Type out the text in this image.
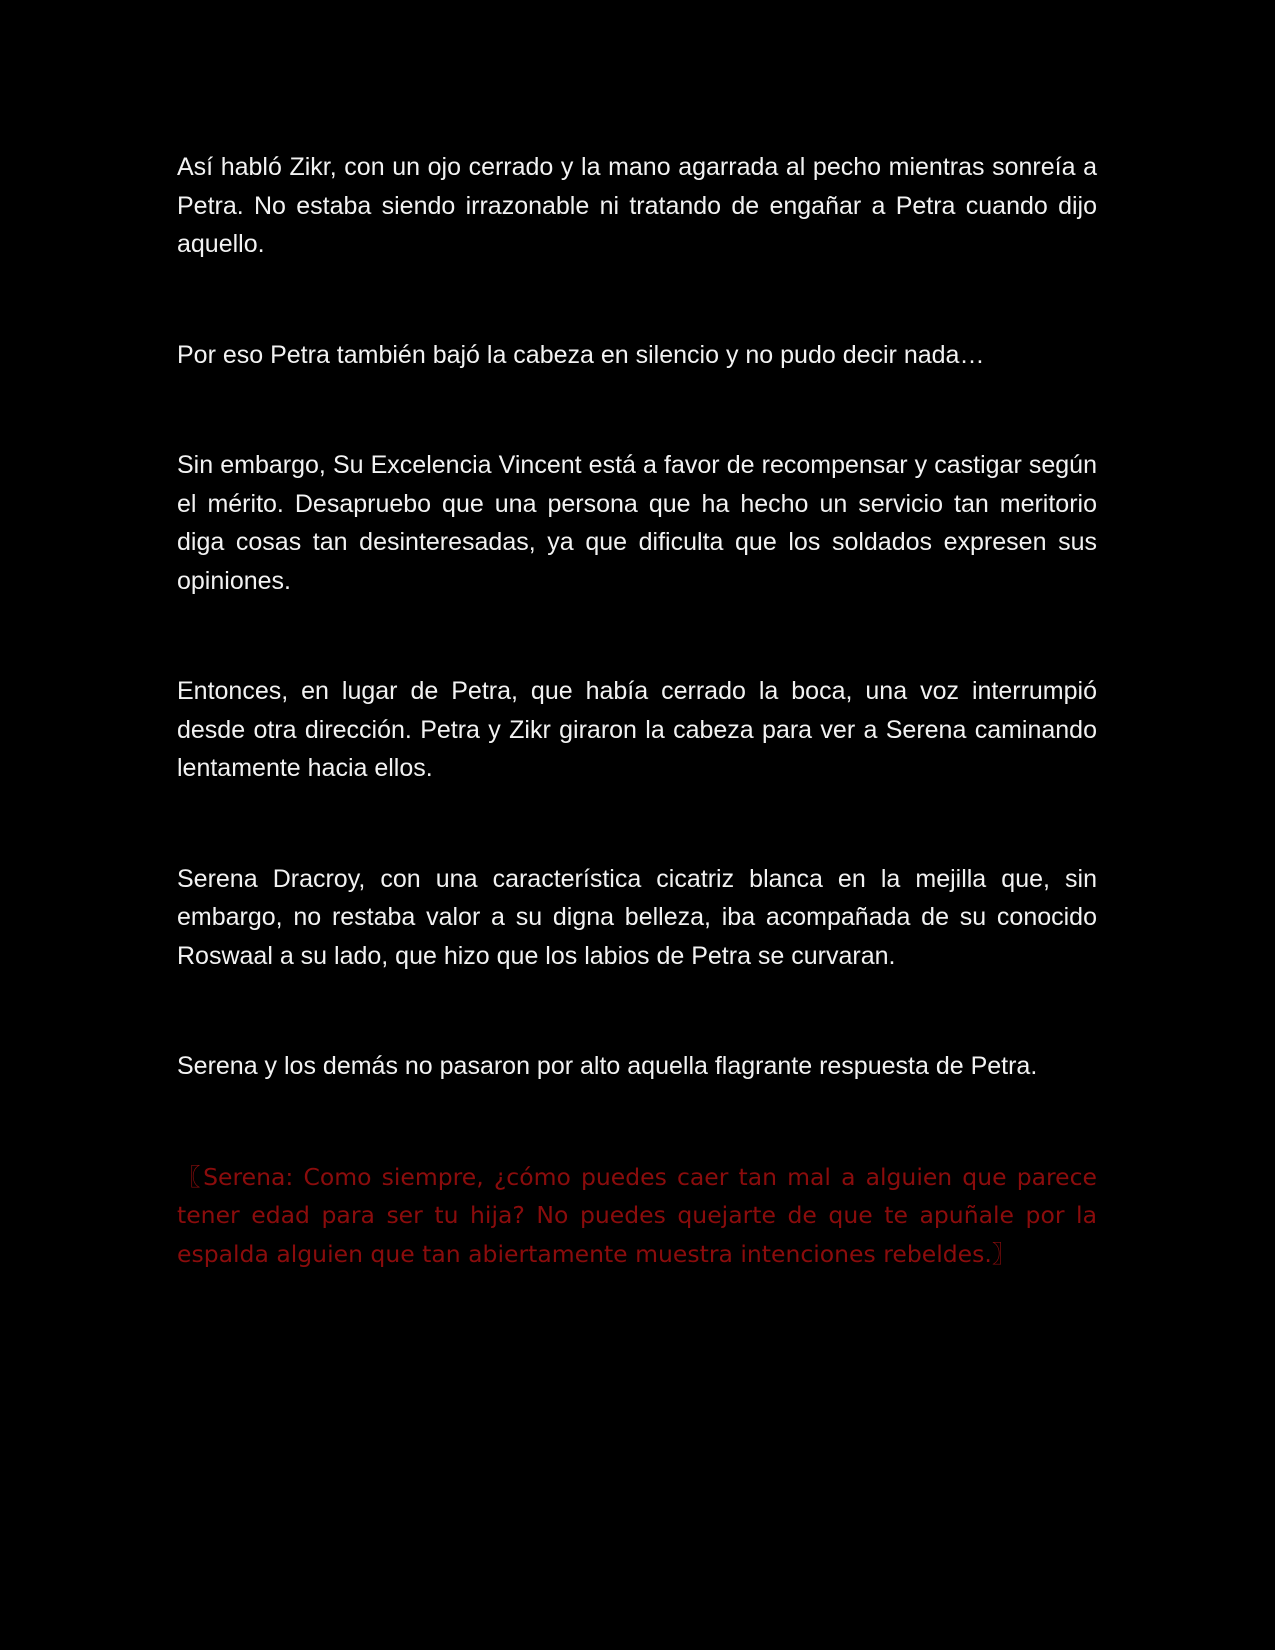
Así habló Zikr, con un ojo cerrado y la mano agarrada al pecho mientras sonreía a Petra. No estaba siendo irrazonable ni tratando de engañar a Petra cuando dijo aquello.

Por eso Petra también bajó la cabeza en silencio y no pudo decir nada…

Sin embargo, Su Excelencia Vincent está a favor de recompensar y castigar según el mérito. Desapruebo que una persona que ha hecho un servicio tan meritorio diga cosas tan desinteresadas, ya que dificulta que los soldados expresen sus opiniones.

Entonces, en lugar de Petra, que había cerrado la boca, una voz interrumpió desde otra dirección. Petra y Zikr giraron la cabeza para ver a Serena caminando lentamente hacia ellos.

Serena Dracroy, con una característica cicatriz blanca en la mejilla que, sin embargo, no restaba valor a su digna belleza, iba acompañada de su conocido Roswaal a su lado, que hizo que los labios de Petra se curvaran.

Serena y los demás no pasaron por alto aquella flagrante respuesta de Petra.

〖Serena: Como siempre, ¿cómo puedes caer tan mal a alguien que parece tener edad para ser tu hija? No puedes quejarte de que te apuñale por la espalda alguien que tan abiertamente muestra intenciones rebeldes.〗
